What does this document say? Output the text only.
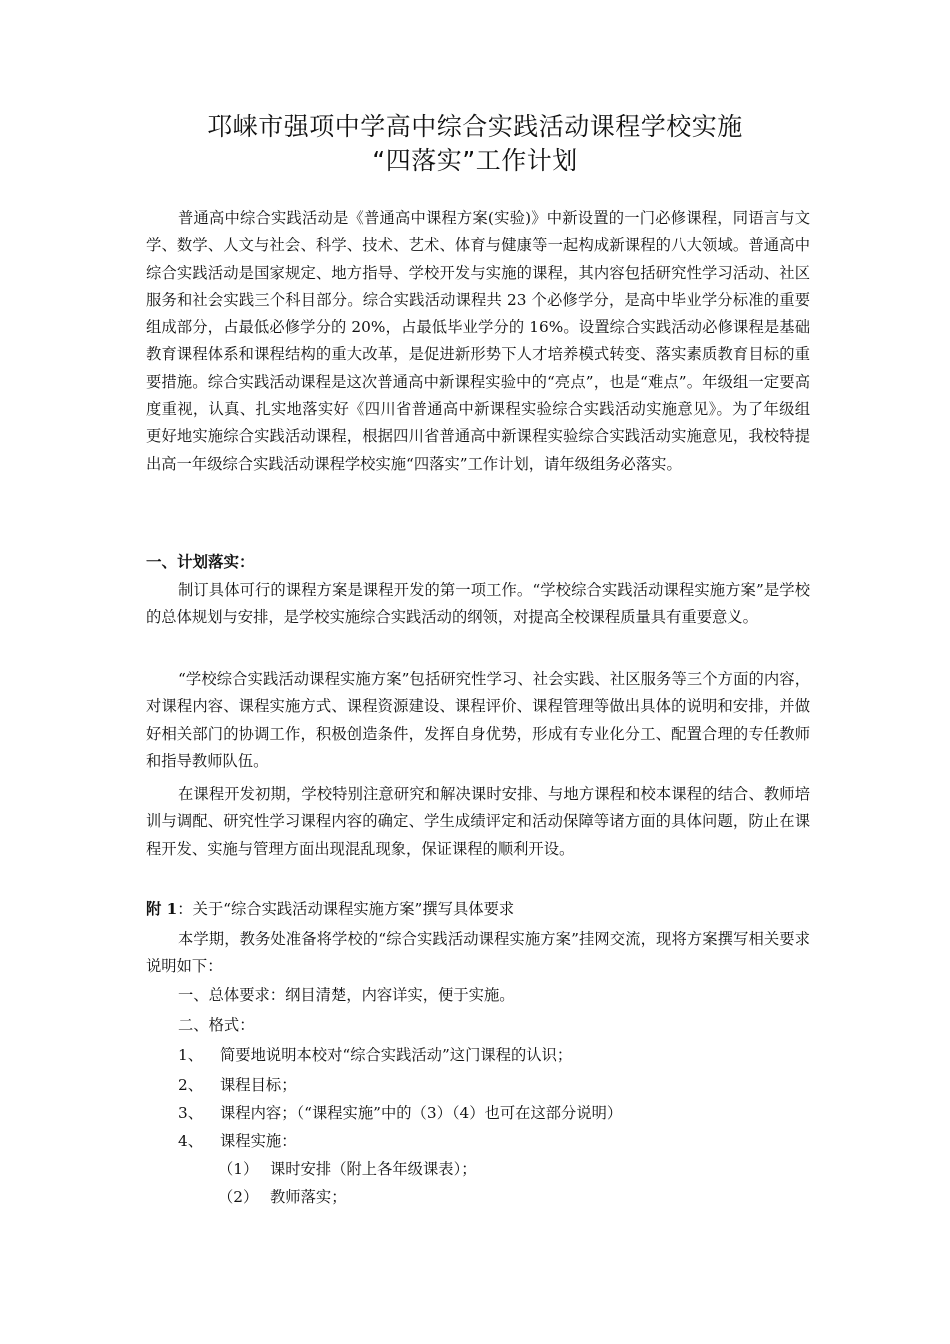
邛崃市强项中学高中综合实践活动课程学校实施
“四落实”工作计划

普通高中综合实践活动是《普通高中课程方案(实验)》中新设置的一门必修课程，同语言与文学、数学、人文与社会、科学、技术、艺术、体育与健康等一起构成新课程的八大领域。普通高中综合实践活动是国家规定、地方指导、学校开发与实施的课程，其内容包括研究性学习活动、社区服务和社会实践三个科目部分。综合实践活动课程共 23 个必修学分，是高中毕业学分标准的重要组成部分，占最低必修学分的 20%，占最低毕业学分的 16%。设置综合实践活动必修课程是基础教育课程体系和课程结构的重大改革，是促进新形势下人才培养模式转变、落实素质教育目标的重要措施。综合实践活动课程是这次普通高中新课程实验中的“亮点”，也是“难点”。年级组一定要高度重视，认真、扎实地落实好《四川省普通高中新课程实验综合实践活动实施意见》。为了年级组更好地实施综合实践活动课程，根据四川省普通高中新课程实验综合实践活动实施意见，我校特提出高一年级综合实践活动课程学校实施“四落实”工作计划，请年级组务必落实。

一、计划落实：

制订具体可行的课程方案是课程开发的第一项工作。“学校综合实践活动课程实施方案”是学校的总体规划与安排，是学校实施综合实践活动的纲领，对提高全校课程质量具有重要意义。

“学校综合实践活动课程实施方案”包括研究性学习、社会实践、社区服务等三个方面的内容，对课程内容、课程实施方式、课程资源建设、课程评价、课程管理等做出具体的说明和安排，并做好相关部门的协调工作，积极创造条件，发挥自身优势，形成有专业化分工、配置合理的专任教师和指导教师队伍。

在课程开发初期，学校特别注意研究和解决课时安排、与地方课程和校本课程的结合、教师培训与调配、研究性学习课程内容的确定、学生成绩评定和活动保障等诸方面的具体问题，防止在课程开发、实施与管理方面出现混乱现象，保证课程的顺利开设。

附 1：关于“综合实践活动课程实施方案”撰写具体要求

本学期，教务处准备将学校的“综合实践活动课程实施方案”挂网交流，现将方案撰写相关要求说明如下：

一、总体要求：纲目清楚，内容详实，便于实施。
二、格式：
1、 简要地说明本校对“综合实践活动”这门课程的认识；
2、 课程目标；
3、 课程内容；（“课程实施”中的（3）（4）也可在这部分说明）
4、 课程实施：
（1） 课时安排（附上各年级课表）；
（2） 教师落实；
